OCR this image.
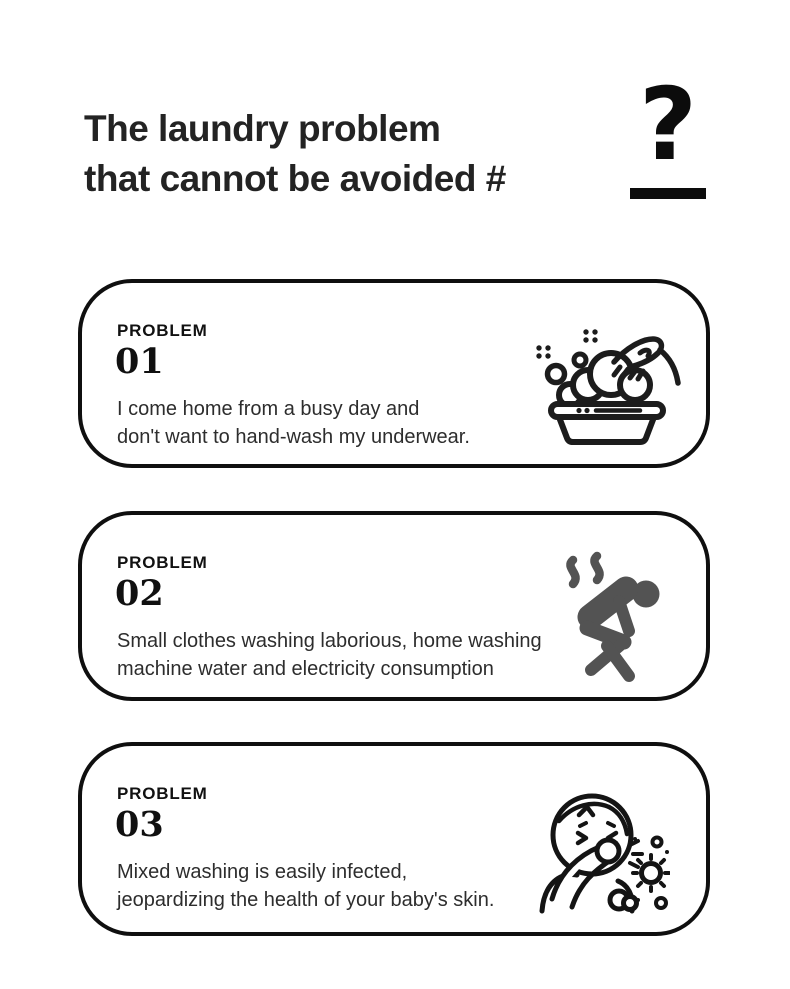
The laundry problem
that cannot be avoided # ?
PROBLEM
01

I come home from a busy day and
don't want to hand-wash my underwear.

PROBLEM
02

Small clothes washing laborious, home washing
machine water and electricity consumption

PROBLEM
03

Mixed washing is easily infected,
jeopardizing the health of your baby's skin.
